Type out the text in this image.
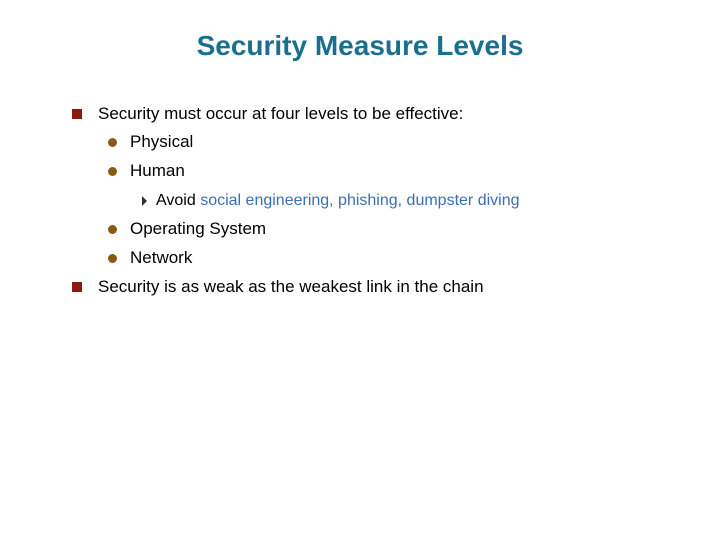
Security Measure Levels
Security must occur at four levels to be effective:
Physical
Human
Avoid social engineering, phishing, dumpster diving
Operating System
Network
Security is as weak as the weakest link in the chain
